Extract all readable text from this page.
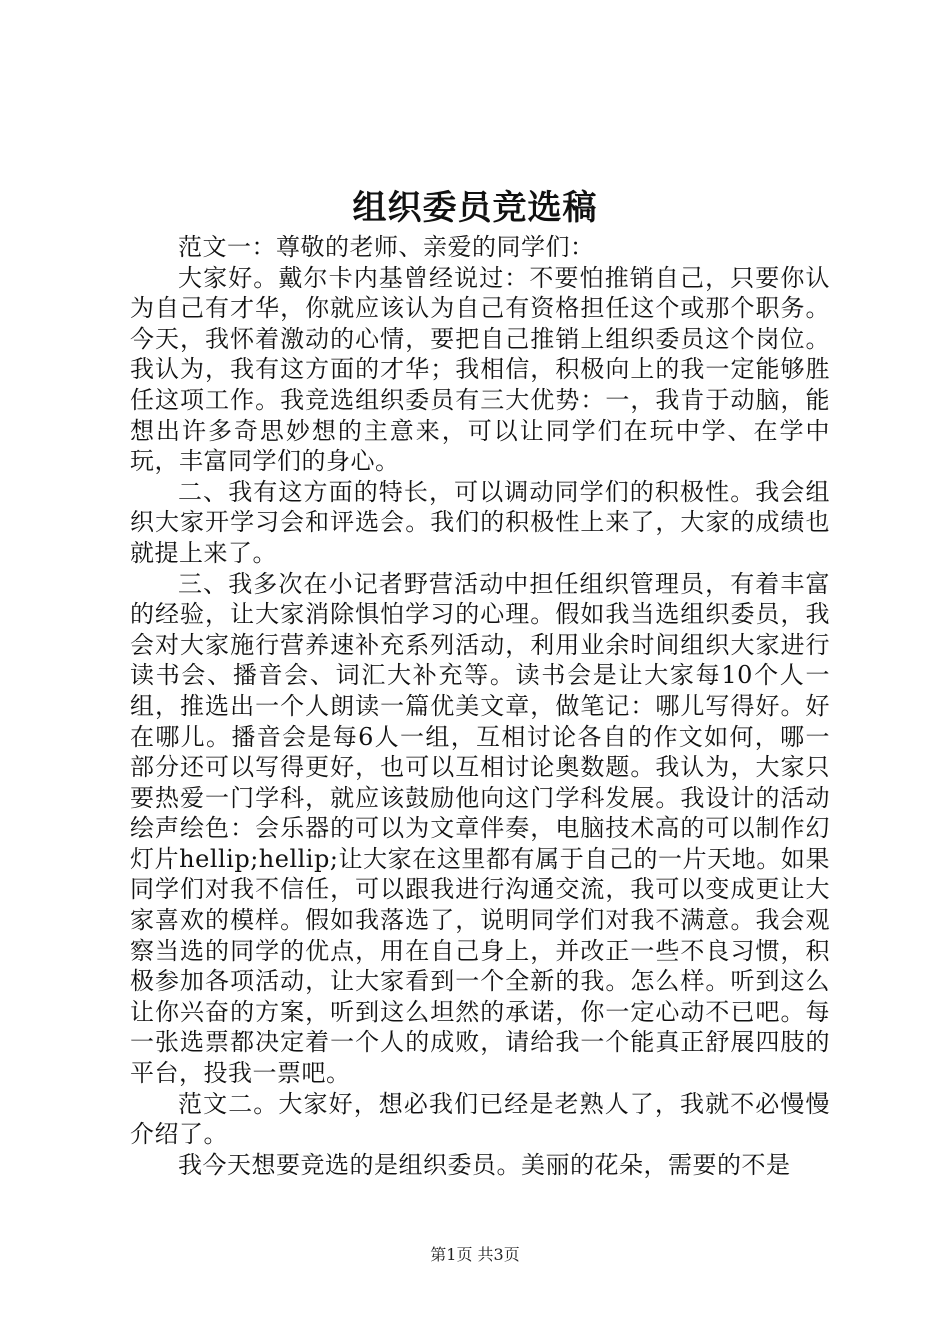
组织委员竞选稿

范文一：尊敬的老师、亲爱的同学们：

大家好。戴尔卡内基曾经说过：不要怕推销自己，只要你认为自己有才华，你就应该认为自己有资格担任这个或那个职务。今天，我怀着激动的心情，要把自己推销上组织委员这个岗位。我认为，我有这方面的才华；我相信，积极向上的我一定能够胜任这项工作。我竞选组织委员有三大优势：一，我肯于动脑，能想出许多奇思妙想的主意来，可以让同学们在玩中学、在学中玩，丰富同学们的身心。

二、我有这方面的特长，可以调动同学们的积极性。我会组织大家开学习会和评选会。我们的积极性上来了，大家的成绩也就提上来了。

三、我多次在小记者野营活动中担任组织管理员，有着丰富的经验，让大家消除惧怕学习的心理。假如我当选组织委员，我会对大家施行营养速补充系列活动，利用业余时间组织大家进行读书会、播音会、词汇大补充等。读书会是让大家每10个人一组，推选出一个人朗读一篇优美文章，做笔记：哪儿写得好。好在哪儿。播音会是每6人一组，互相讨论各自的作文如何，哪一部分还可以写得更好，也可以互相讨论奥数题。我认为，大家只要热爱一门学科，就应该鼓励他向这门学科发展。我设计的活动绘声绘色：会乐器的可以为文章伴奏，电脑技术高的可以制作幻灯片hellip;hellip;让大家在这里都有属于自己的一片天地。如果同学们对我不信任，可以跟我进行沟通交流，我可以变成更让大家喜欢的模样。假如我落选了，说明同学们对我不满意。我会观察当选的同学的优点，用在自己身上，并改正一些不良习惯，积极参加各项活动，让大家看到一个全新的我。怎么样。听到这么让你兴奋的方案，听到这么坦然的承诺，你一定心动不已吧。每一张选票都决定着一个人的成败，请给我一个能真正舒展四肢的平台，投我一票吧。

范文二。大家好，想必我们已经是老熟人了，我就不必慢慢介绍了。

我今天想要竞选的是组织委员。美丽的花朵，需要的不是

第1页 共3页
